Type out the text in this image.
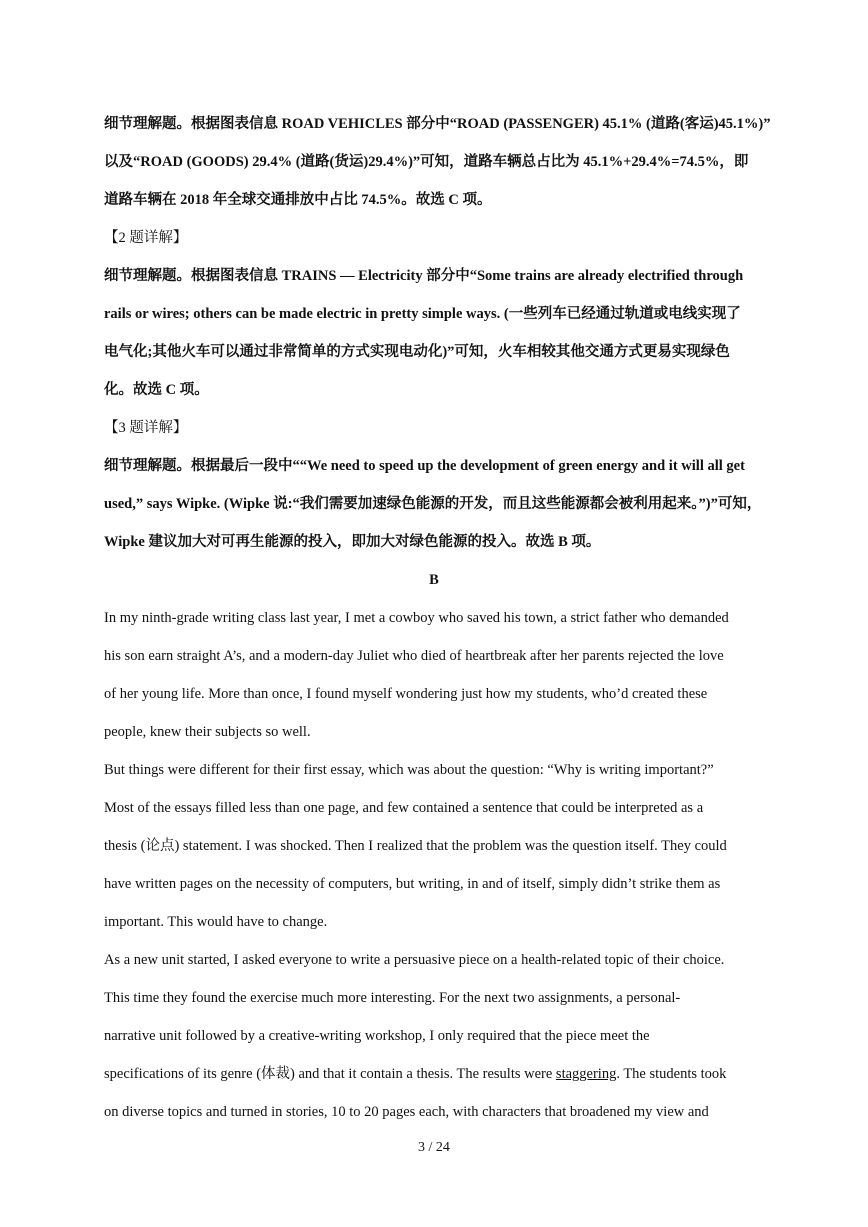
细节理解题。根据图表信息 ROAD VEHICLES 部分中“ROAD (PASSENGER) 45.1% (道路(客运)45.1%)”
以及“ROAD (GOODS) 29.4% (道路(货运)29.4%)”可知，道路车辆总占比为 45.1%+29.4%=74.5%，即
道路车辆在 2018 年全球交通排放中占比 74.5%。故选 C 项。
【2 题详解】
细节理解题。根据图表信息 TRAINS — Electricity 部分中“Some trains are already electrified through
rails or wires; others can be made electric in pretty simple ways. (一些列车已经通过轨道或电线实现了
电气化;其他火车可以通过非常简单的方式实现电动化)”可知，火车相较其他交通方式更易实现绿色
化。故选 C 项。
【3 题详解】
细节理解题。根据最后一段中““We need to speed up the development of green energy and it will all get
used,” says Wipke. (Wipke 说:“我们需要加速绿色能源的开发，而且这些能源都会被利用起来。”)”可知，
Wipke 建议加大对可再生能源的投入，即加大对绿色能源的投入。故选 B 项。
B
In my ninth-grade writing class last year, I met a cowboy who saved his town, a strict father who demanded
his son earn straight A’s, and a modern-day Juliet who died of heartbreak after her parents rejected the love
of her young life. More than once, I found myself wondering just how my students, who’d created these
people, knew their subjects so well.
But things were different for their first essay, which was about the question: “Why is writing important?”
Most of the essays filled less than one page, and few contained a sentence that could be interpreted as a
thesis (论点) statement. I was shocked. Then I realized that the problem was the question itself. They could
have written pages on the necessity of computers, but writing, in and of itself, simply didn’t strike them as
important. This would have to change.
As a new unit started, I asked everyone to write a persuasive piece on a health-related topic of their choice.
This time they found the exercise much more interesting. For the next two assignments, a personal-
narrative unit followed by a creative-writing workshop, I only required that the piece meet the
specifications of its genre (体裁) and that it contain a thesis. The results were staggering. The students took
on diverse topics and turned in stories, 10 to 20 pages each, with characters that broadened my view and
3 / 24
